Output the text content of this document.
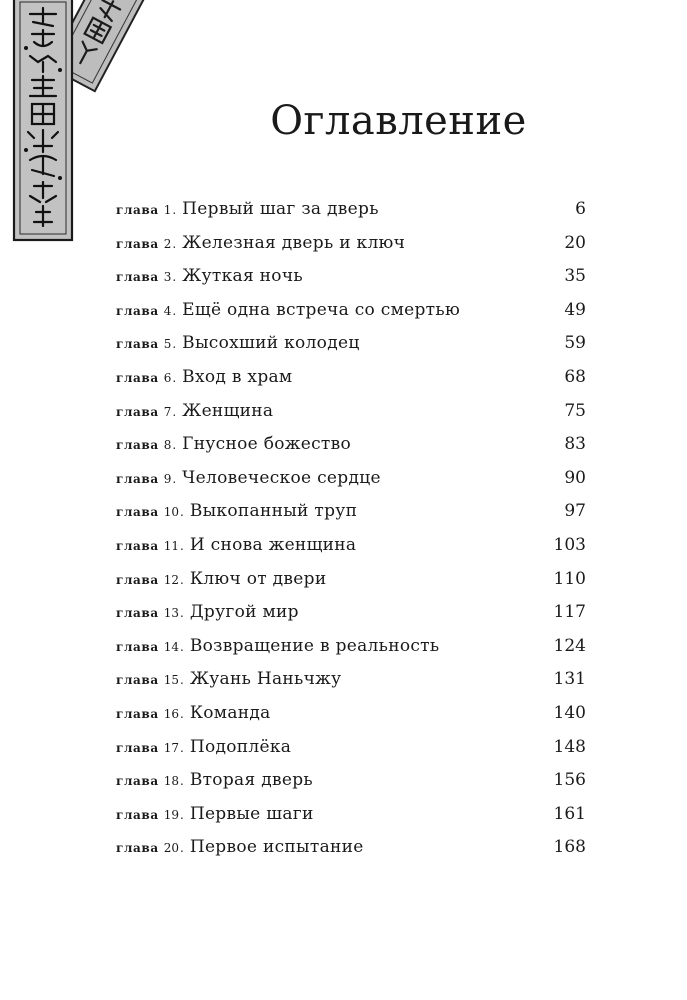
Оглавление
глава 1 . Первый шаг за дверь	6
глава 2 . Железная дверь и ключ	20
глава 3 . Жуткая ночь	35
глава 4 . Ещё одна встреча со смертью	49
глава 5 . Высохший колодец	59
глава 6 . Вход в храм	68
глава 7 . Женщина	75
глава 8 . Гнусное божество	83
глава 9 . Человеческое сердце	90
глава 10 . Выкопанный труп	97
глава 11 . И снова женщина	103
глава 12 . Ключ от двери	110
глава 13 . Другой мир	117
глава 14 . Возвращение в реальность	124
глава 15 . Жуань Наньчжу	131
глава 16 . Команда	140
глава 17 . Подоплёка	148
глава 18 . Вторая дверь	156
глава 19 . Первые шаги	161
глава 20 . Первое испытание	168
